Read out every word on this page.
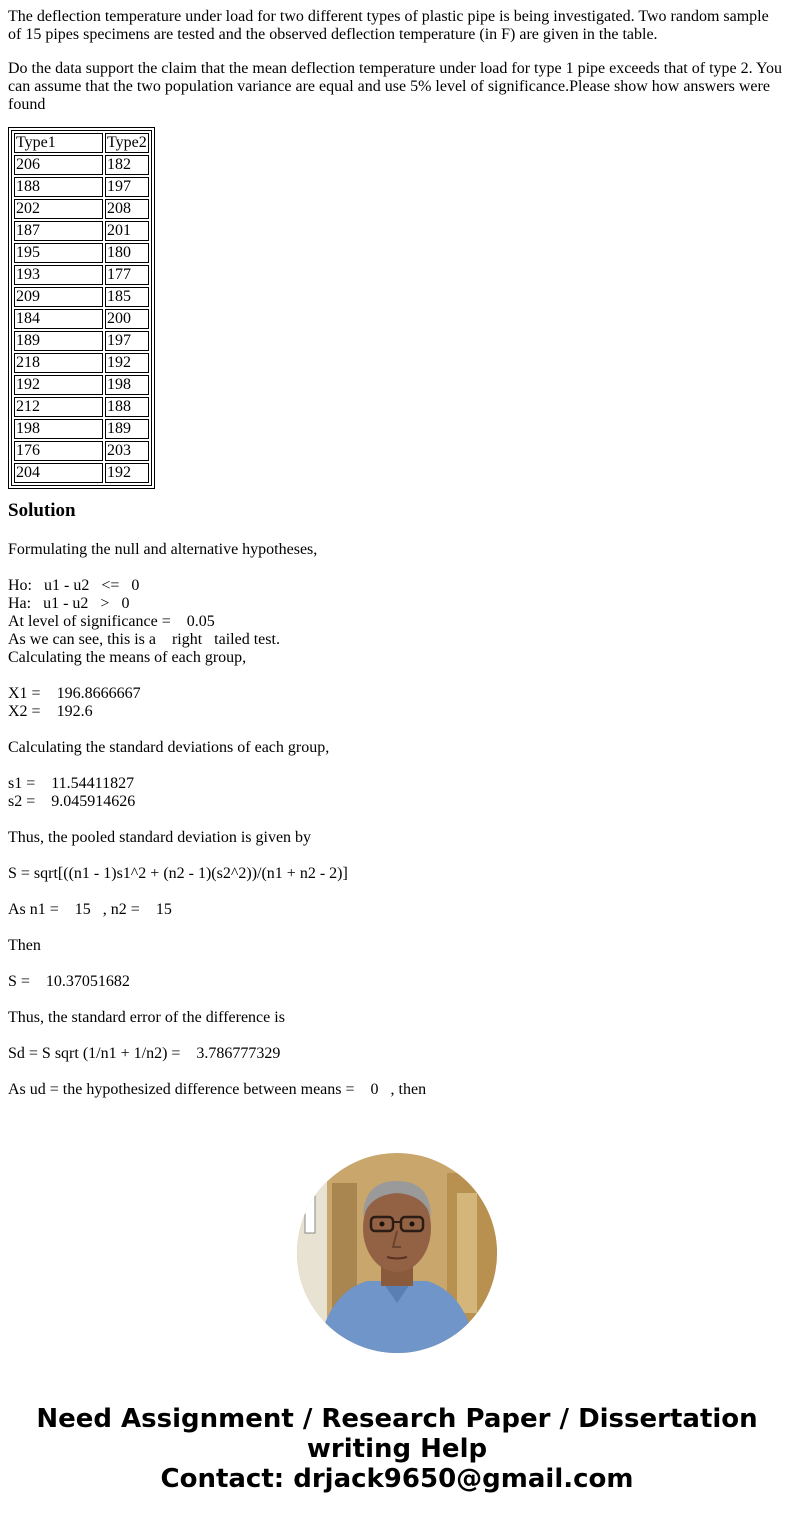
The deflection temperature under load for two different types of plastic pipe is being investigated. Two random sample of 15 pipes specimens are tested and the observed deflection temperature (in F) are given in the table.

Do the data support the claim that the mean deflection temperature under load for type 1 pipe exceeds that of type 2. You can assume that the two population variance are equal and use 5% level of significance.Please show how answers were found

Type1	Type2
206	182
188	197
202	208
187	201
195	180
193	177
209	185
184	200
189	197
218	192
192	198
212	188
198	189
176	203
204	192
Solution
Formulating the null and alternative hypotheses,
Ho:   u1 - u2   <=   0
Ha:   u1 - u2   >   0
At level of significance =    0.05
As we can see, this is a    right   tailed test.
Calculating the means of each group,
X1 =    196.8666667
X2 =    192.6
Calculating the standard deviations of each group,
s1 =    11.54411827
s2 =    9.045914626
Thus, the pooled standard deviation is given by
S = sqrt[((n1 - 1)s1^2 + (n2 - 1)(s2^2))/(n1 + n2 - 2)]
As n1 =    15   , n2 =    15
Then
S =    10.37051682
Thus, the standard error of the difference is
Sd = S sqrt (1/n1 + 1/n2) =    3.786777329
As ud = the hypothesized difference between means =    0   , then
Need Assignment / Research Paper / Dissertation
writing Help
Contact: drjack9650@gmail.com
